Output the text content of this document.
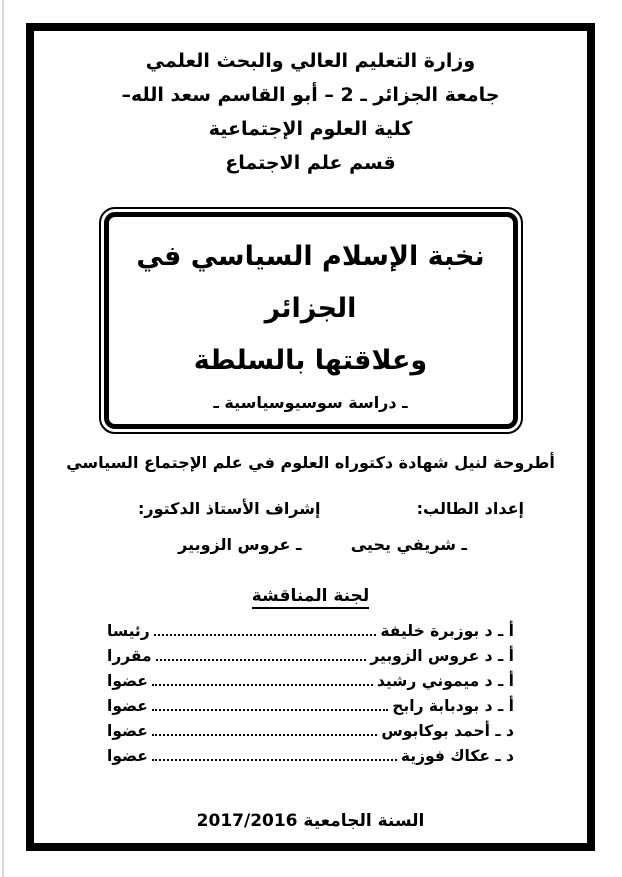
وزارة التعليم العالي والبحث العلمي
جامعة الجزائر ـ 2 – أبو القاسم سعد الله–
كلية العلوم الإجتماعية
قسم علم الاجتماع
نخبة الإسلام السياسي في الجزائر
وعلاقتها بالسلطة
ـ دراسة سوسيوسياسية ـ
أطروحة لنيل شهادة دكتوراه العلوم في علم الإجتماع السياسي
إعداد الطالب:
ـ شريفي يحيى
إشراف الأستاذ الدكتور:
ـ عروس الزوبير
لجنة المناقشة
أ ـ د بوزبرة خليفة
رئيسا
أ ـ د عروس الزوبير
مقررا
أ ـ د ميموني رشيد
عضوا
أ ـ د بودبابة رابح
عضوا
د ـ أحمد بوكابوس
عضوا
د ـ عكاك فوزية
عضوا
السنة الجامعية 2017/2016
